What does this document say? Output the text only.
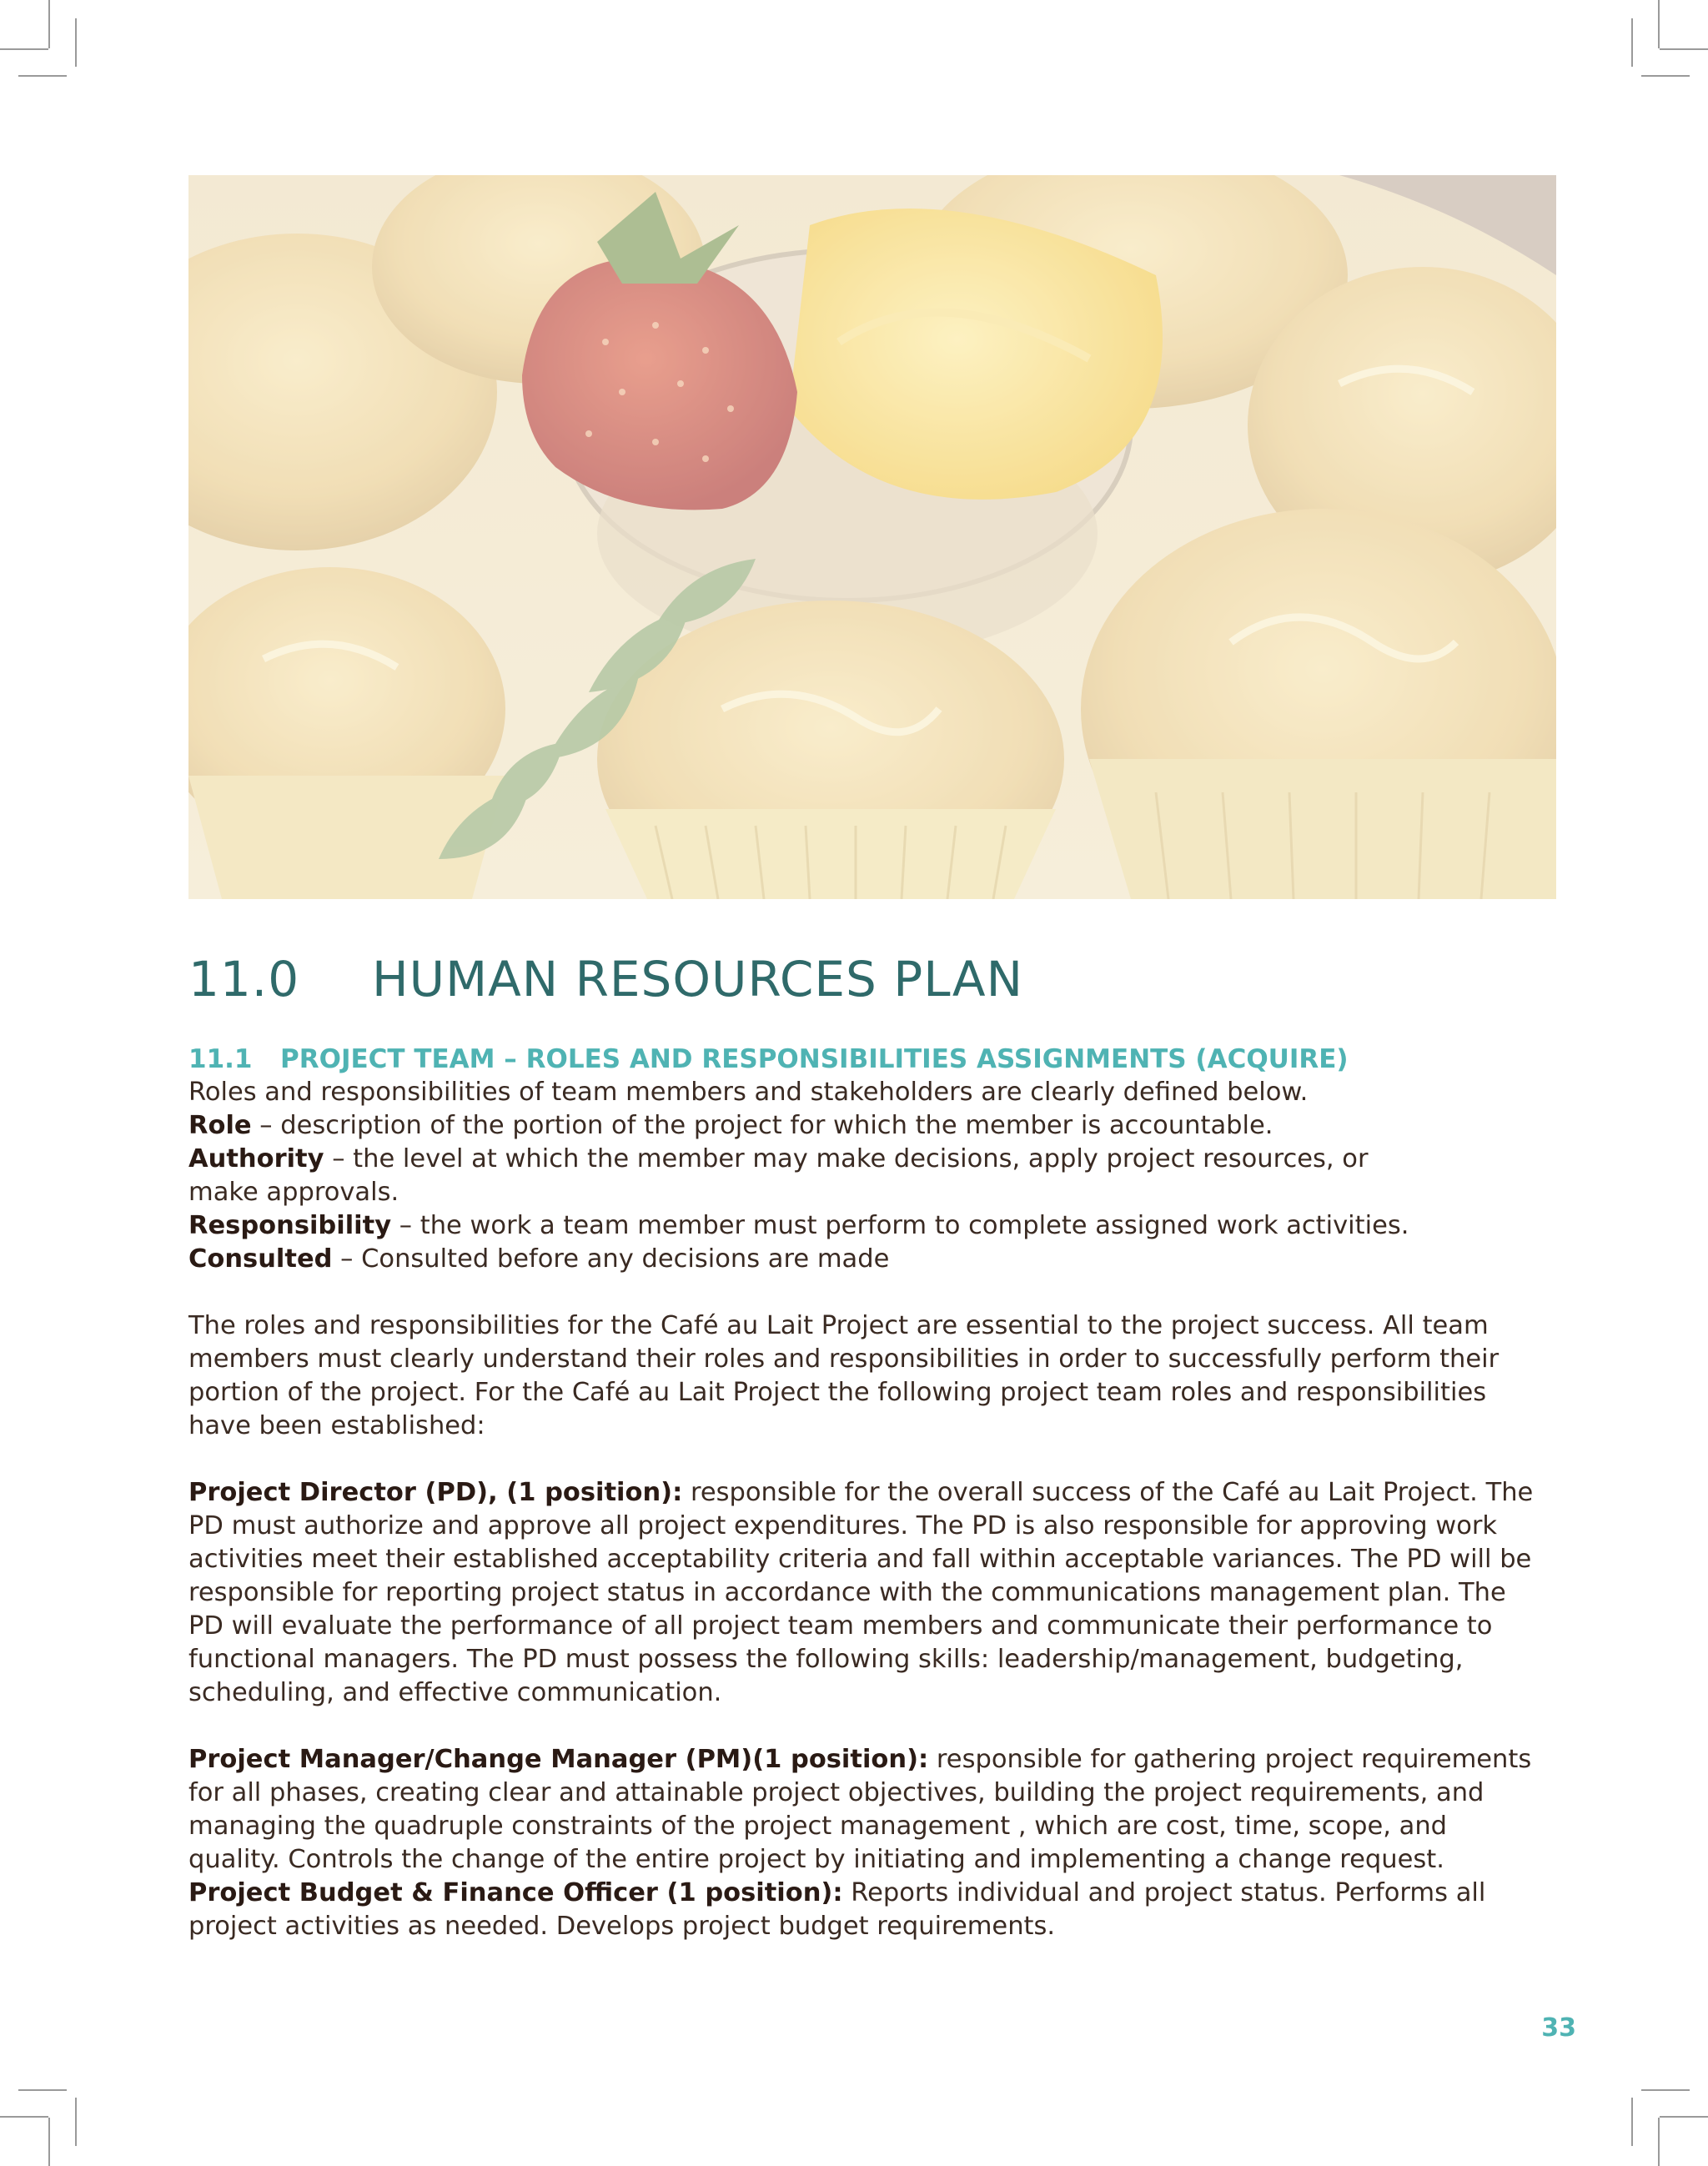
11.0 HUMAN RESOURCES PLAN
11.1 PROJECT TEAM – ROLES AND RESPONSIBILITIES ASSIGNMENTS (ACQUIRE)

Roles and responsibilities of team members and stakeholders are clearly defined below.

Role – description of the portion of the project for which the member is accountable.

Authority – the level at which the member may make decisions, apply project resources, or make approvals.

Responsibility – the work a team member must perform to complete assigned work activities.

Consulted – Consulted before any decisions are made

The roles and responsibilities for the Café au Lait Project are essential to the project success. All team members must clearly understand their roles and responsibilities in order to successfully perform their portion of the project. For the Café au Lait Project the following project team roles and responsibilities have been established:

Project Director (PD), (1 position): responsible for the overall success of the Café au Lait Project. The PD must authorize and approve all project expenditures. The PD is also responsible for approving work activities meet their established acceptability criteria and fall within acceptable variances. The PD will be responsible for reporting project status in accordance with the communications management plan. The PD will evaluate the performance of all project team members and communicate their performance to functional managers. The PD must possess the following skills: leadership/management, budgeting, scheduling, and effective communication.

Project Manager/Change Manager (PM)(1 position): responsible for gathering project requirements for all phases, creating clear and attainable project objectives, building the project requirements, and managing the quadruple constraints of the project management , which are cost, time, scope, and quality. Controls the change of the entire project by initiating and implementing a change request.

Project Budget & Finance Officer (1 position): Reports individual and project status. Performs all project activities as needed. Develops project budget requirements.

33
